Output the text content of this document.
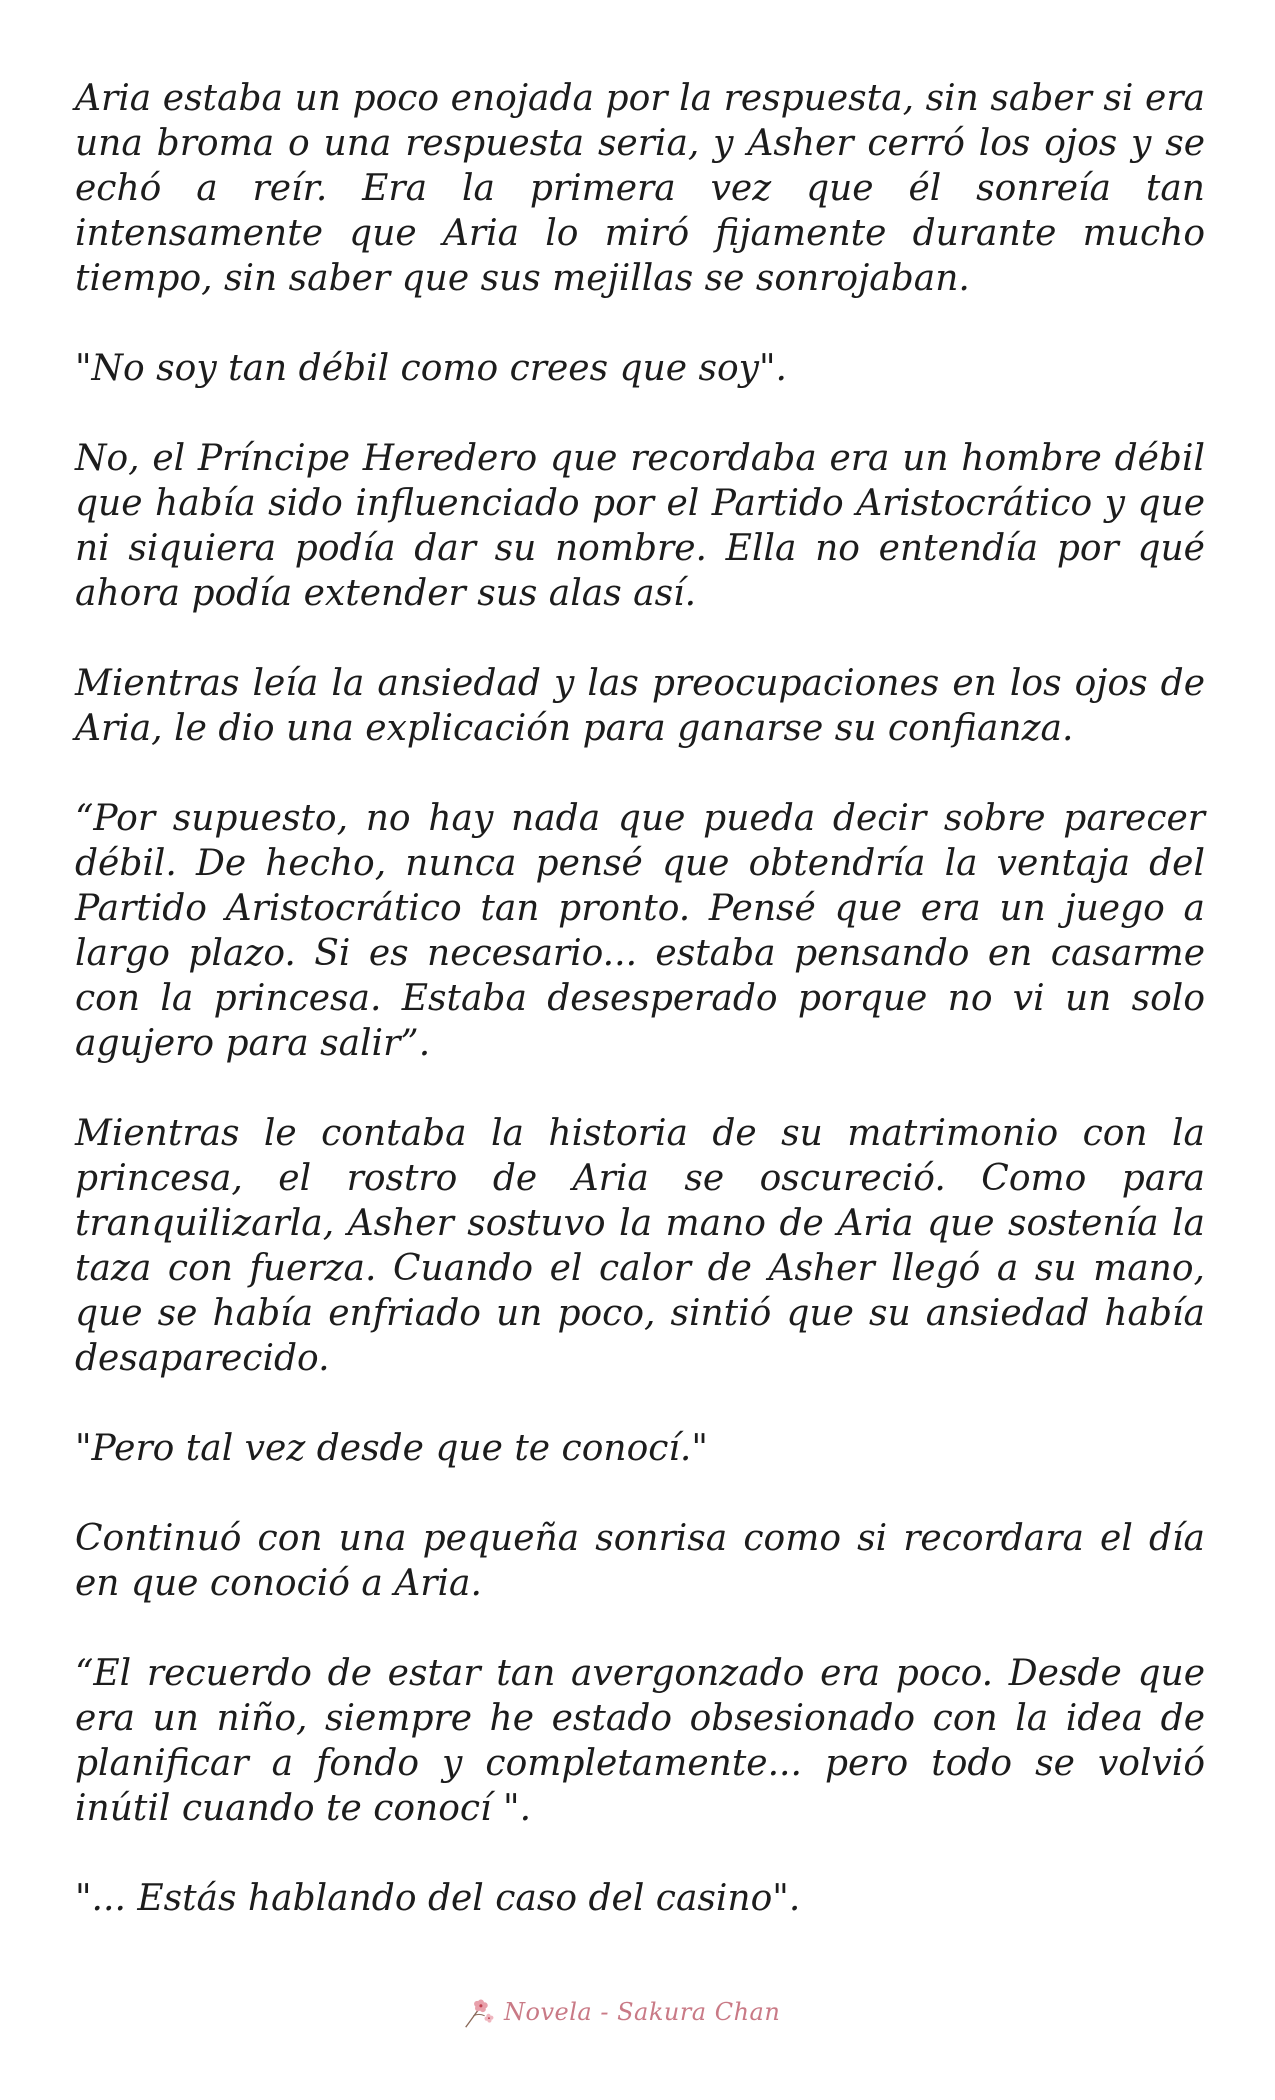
Aria estaba un poco enojada por la respuesta, sin saber si era una broma o una respuesta seria, y Asher cerró los ojos y se echó a reír. Era la primera vez que él sonreía tan intensamente que Aria lo miró fijamente durante mucho tiempo, sin saber que sus mejillas se sonrojaban.

"No soy tan débil como crees que soy".

No, el Príncipe Heredero que recordaba era un hombre débil que había sido influenciado por el Partido Aristocrático y que ni siquiera podía dar su nombre. Ella no entendía por qué ahora podía extender sus alas así.

Mientras leía la ansiedad y las preocupaciones en los ojos de Aria, le dio una explicación para ganarse su confianza.

“Por supuesto, no hay nada que pueda decir sobre parecer débil. De hecho, nunca pensé que obtendría la ventaja del Partido Aristocrático tan pronto. Pensé que era un juego a largo plazo. Si es necesario... estaba pensando en casarme con la princesa. Estaba desesperado porque no vi un solo agujero para salir”.

Mientras le contaba la historia de su matrimonio con la princesa, el rostro de Aria se oscureció. Como para tranquilizarla, Asher sostuvo la mano de Aria que sostenía la taza con fuerza. Cuando el calor de Asher llegó a su mano, que se había enfriado un poco, sintió que su ansiedad había desaparecido.

"Pero tal vez desde que te conocí."

Continuó con una pequeña sonrisa como si recordara el día en que conoció a Aria.

“El recuerdo de estar tan avergonzado era poco. Desde que era un niño, siempre he estado obsesionado con la idea de planificar a fondo y completamente... pero todo se volvió inútil cuando te conocí ".

"... Estás hablando del caso del casino".

Novela - Sakura Chan
